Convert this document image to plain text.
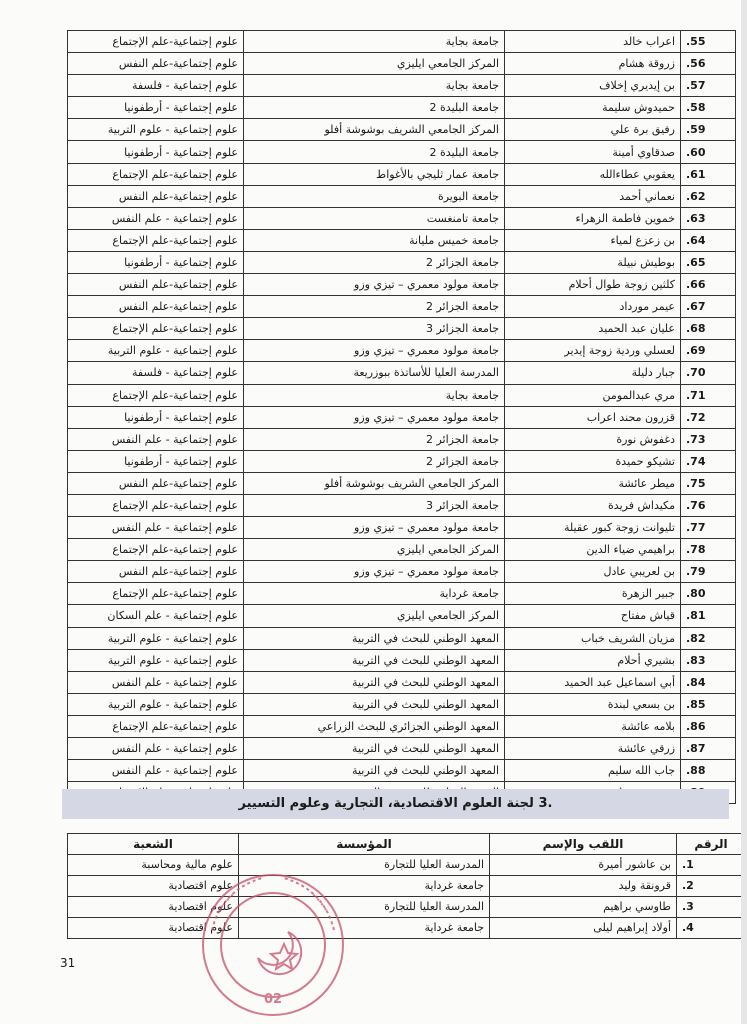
.55	اعراب خالد	جامعة بجاية	علوم إجتماعية-علم الإجتماع
.56	زروقة هشام	المركز الجامعي ايليزي	علوم إجتماعية-علم النفس
.57	بن إيديري إخلاف	جامعة بجاية	علوم إجتماعية - فلسفة
.58	حميدوش سليمة	جامعة البليدة 2	علوم إجتماعية - أرطفونيا
.59	رفيق برة علي	المركز الجامعي الشريف بوشوشة أفلو	علوم إجتماعية - علوم التربية
.60	صدقاوي أمينة	جامعة البليدة 2	علوم إجتماعية - أرطفونيا
.61	يعقوبي عطاءالله	جامعة عمار ثليجي بالأغواط	علوم إجتماعية-علم الإجتماع
.62	نعماني أحمد	جامعة البويرة	علوم إجتماعية-علم النفس
.63	خموين فاطمة الزهراء	جامعة تامنغست	علوم إجتماعية - علم النفس
.64	بن زعزع لمياء	جامعة خميس مليانة	علوم إجتماعية-علم الإجتماع
.65	بوطيش نبيلة	جامعة الجزائر 2	علوم إجتماعية - أرطفونيا
.66	كلثين زوجة طوال أحلام	جامعة مولود معمري – تيزي وزو	علوم إجتماعية-علم النفس
.67	عيمر مورداد	جامعة الجزائر 2	علوم إجتماعية-علم النفس
.68	عليان عبد الحميد	جامعة الجزائر 3	علوم إجتماعية-علم الإجتماع
.69	لعسلي وردية زوجة إيدير	جامعة مولود معمري – تيزي وزو	علوم إجتماعية - علوم التربية
.70	جبار دليلة	المدرسة العليا للأساتذة ببوزريعة	علوم إجتماعية - فلسفة
.71	مري عبدالمومن	جامعة بجاية	علوم إجتماعية-علم الإجتماع
.72	قزرون محند اعراب	جامعة مولود معمري – تيزي وزو	علوم إجتماعية - أرطفونيا
.73	دغفوش نورة	جامعة الجزائر 2	علوم إجتماعية - علم النفس
.74	تشيكو حميدة	جامعة الجزائر 2	علوم إجتماعية - أرطفونيا
.75	ميطر عائشة	المركز الجامعي الشريف بوشوشة أفلو	علوم إجتماعية-علم النفس
.76	مكيداش فريدة	جامعة الجزائر 3	علوم إجتماعية-علم الإجتماع
.77	تليوانت زوجة كبور عقيلة	جامعة مولود معمري – تيزي وزو	علوم إجتماعية - علم النفس
.78	براهيمي ضياء الدين	المركز الجامعي ايليزي	علوم إجتماعية-علم الإجتماع
.79	بن لعريبي عادل	جامعة مولود معمري – تيزي وزو	علوم إجتماعية-علم النفس
.80	جبير الزهرة	جامعة غرداية	علوم إجتماعية-علم الإجتماع
.81	قياش مفتاح	المركز الجامعي ايليزي	علوم إجتماعية - علم السكان
.82	مزيان الشريف خباب	المعهد الوطني للبحث في التربية	علوم إجتماعية - علوم التربية
.83	بشيري أحلام	المعهد الوطني للبحث في التربية	علوم إجتماعية - علوم التربية
.84	أبي اسماعيل عبد الحميد	المعهد الوطني للبحث في التربية	علوم إجتماعية - علم النفس
.85	بن بسعي لبندة	المعهد الوطني للبحث في التربية	علوم إجتماعية - علوم التربية
.86	بلامه عائشة	المعهد الوطني الجزائري للبحث الزراعي	علوم إجتماعية-علم الإجتماع
.87	زرقي عائشة	المعهد الوطني للبحث في التربية	علوم إجتماعية - علم النفس
.88	جاب الله سليم	المعهد الوطني للبحث في التربية	علوم إجتماعية - علم النفس

.3 لجنة العلوم الاقتصادية، التجارية وعلوم التسيير
الرقم	اللقب والإسم	المؤسسة	الشعبة
.1	بن عاشور أميرة	المدرسة العليا للتجارة	علوم مالية ومحاسبة
.2	قرونقة وليد	جامعة غرداية	علوم اقتصادية
.3	طاوسي براهيم	المدرسة العليا للتجارة	علوم اقتصادية
.4	أولاد إبراهيم ليلى	جامعة غرداية	علوم اقتصادية
31
02
